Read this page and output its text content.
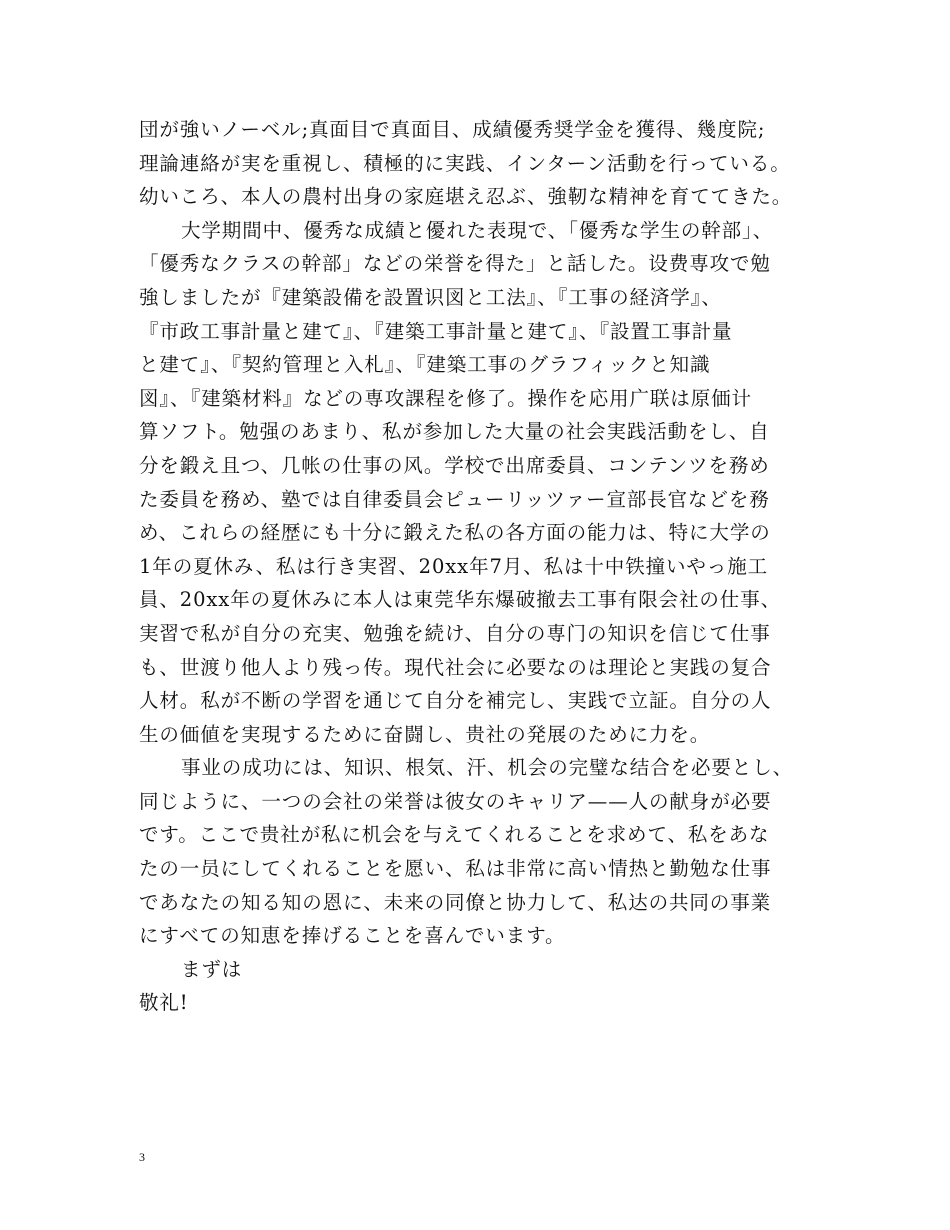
団が強いノーベル;真面目で真面目、成績優秀奨学金を獲得、幾度院;
理論連絡が実を重視し、積極的に実践、インターン活動を行っている。
幼いころ、本人の農村出身の家庭堪え忍ぶ、強靭な精神を育ててきた。
大学期間中、優秀な成績と優れた表現で、「優秀な学生の幹部」、
「優秀なクラスの幹部」などの栄誉を得た」と話した。设费専攻で勉
強しましたが『建築設備を設置识図と工法』、『工事の経済学』、
『市政工事計量と建て』、『建築工事計量と建て』、『設置工事計量
と建て』、『契約管理と入札』、『建築工事のグラフィックと知識
図』、『建築材料』などの専攻課程を修了。操作を応用广联は原価计
算ソフト。勉强のあまり、私が参加した大量の社会実践活動をし、自
分を鍛え且つ、几帐の仕事の风。学校で出席委員、コンテンツを務め
た委員を務め、塾では自律委員会ピューリッツァー宣部長官などを務
め、これらの経歴にも十分に鍛えた私の各方面の能力は、特に大学の
1年の夏休み、私は行き実習、20xx年7月、私は十中铁撞いやっ施工
員、20xx年の夏休みに本人は東莞华东爆破撤去工事有限会社の仕事、
実習で私が自分の充実、勉強を続け、自分の専门の知识を信じて仕事
も、世渡り他人より残っ传。現代社会に必要なのは理论と実践の复合
人材。私が不断の学習を通じて自分を補完し、実践で立証。自分の人
生の価値を実現するために奋闘し、贵社の発展のために力を。
事业の成功には、知识、根気、汗、机会の完璧な结合を必要とし、
同じように、一つの会社の栄誉は彼女のキャリア——人の献身が必要
です。ここで贵社が私に机会を与えてくれることを求めて、私をあな
たの一员にしてくれることを愿い、私は非常に高い情热と勤勉な仕事
であなたの知る知の恩に、未来の同僚と协力して、私达の共同の事業
にすべての知恵を捧げることを喜んでいます。
まずは
敬礼!
3
